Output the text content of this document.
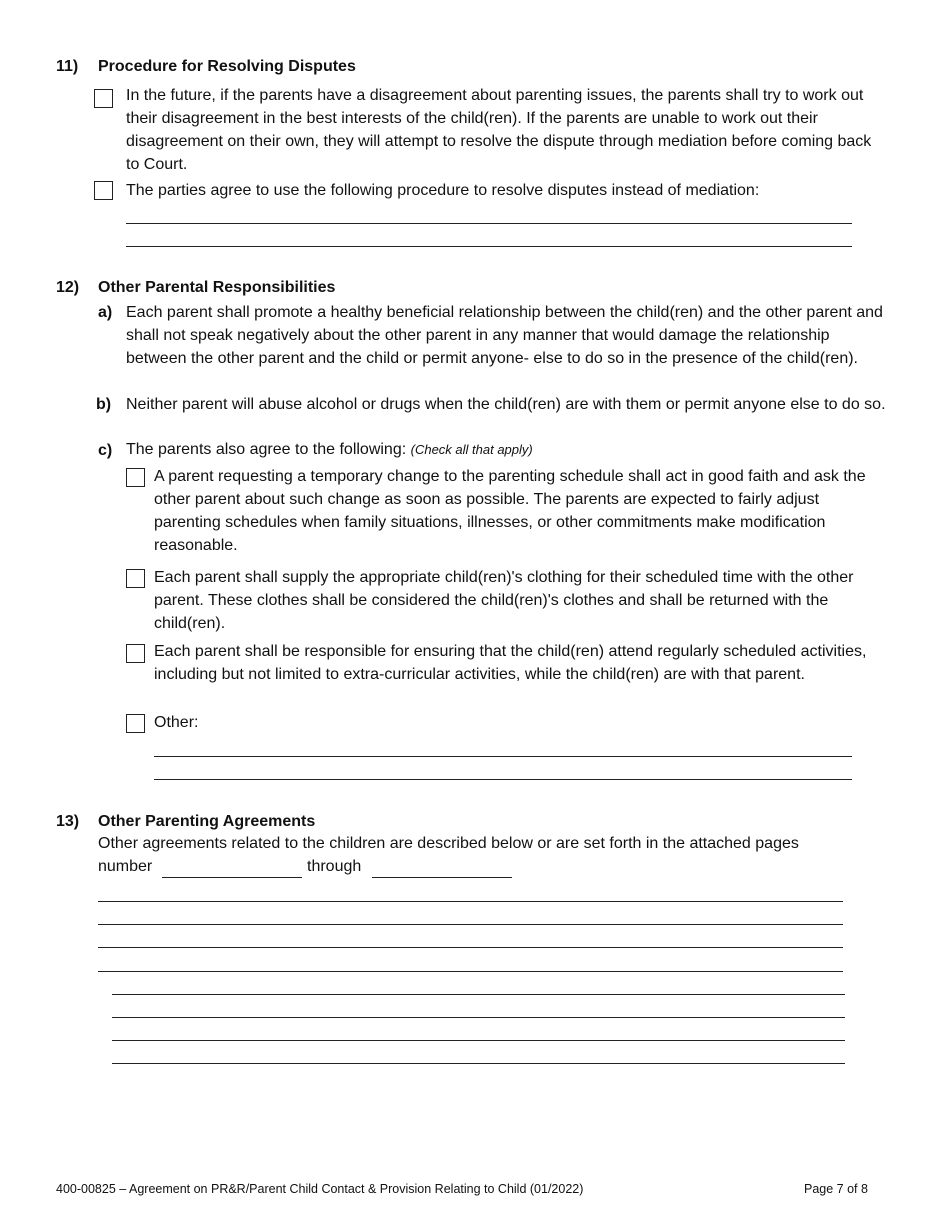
11) Procedure for Resolving Disputes
In the future, if the parents have a disagreement about parenting issues, the parents shall try to work out their disagreement in the best interests of the child(ren). If the parents are unable to work out their disagreement on their own, they will attempt to resolve the dispute through mediation before coming back to Court.
The parties agree to use the following procedure to resolve disputes instead of mediation:
12) Other Parental Responsibilities
a) Each parent shall promote a healthy beneficial relationship between the child(ren) and the other parent and shall not speak negatively about the other parent in any manner that would damage the relationship between the other parent and the child or permit anyone- else to do so in the presence of the child(ren).
b) Neither parent will abuse alcohol or drugs when the child(ren) are with them or permit anyone else to do so.
c) The parents also agree to the following: (Check all that apply)
A parent requesting a temporary change to the parenting schedule shall act in good faith and ask the other parent about such change as soon as possible. The parents are expected to fairly adjust parenting schedules when family situations, illnesses, or other commitments make modification reasonable.
Each parent shall supply the appropriate child(ren)'s clothing for their scheduled time with the other parent. These clothes shall be considered the child(ren)'s clothes and shall be returned with the child(ren).
Each parent shall be responsible for ensuring that the child(ren) attend regularly scheduled activities, including but not limited to extra-curricular activities, while the child(ren) are with that parent.
Other:
13) Other Parenting Agreements
Other agreements related to the children are described below or are set forth in the attached pages
number	through
400-00825 – Agreement on PR&R/Parent Child Contact & Provision Relating to Child (01/2022)	Page 7 of 8
